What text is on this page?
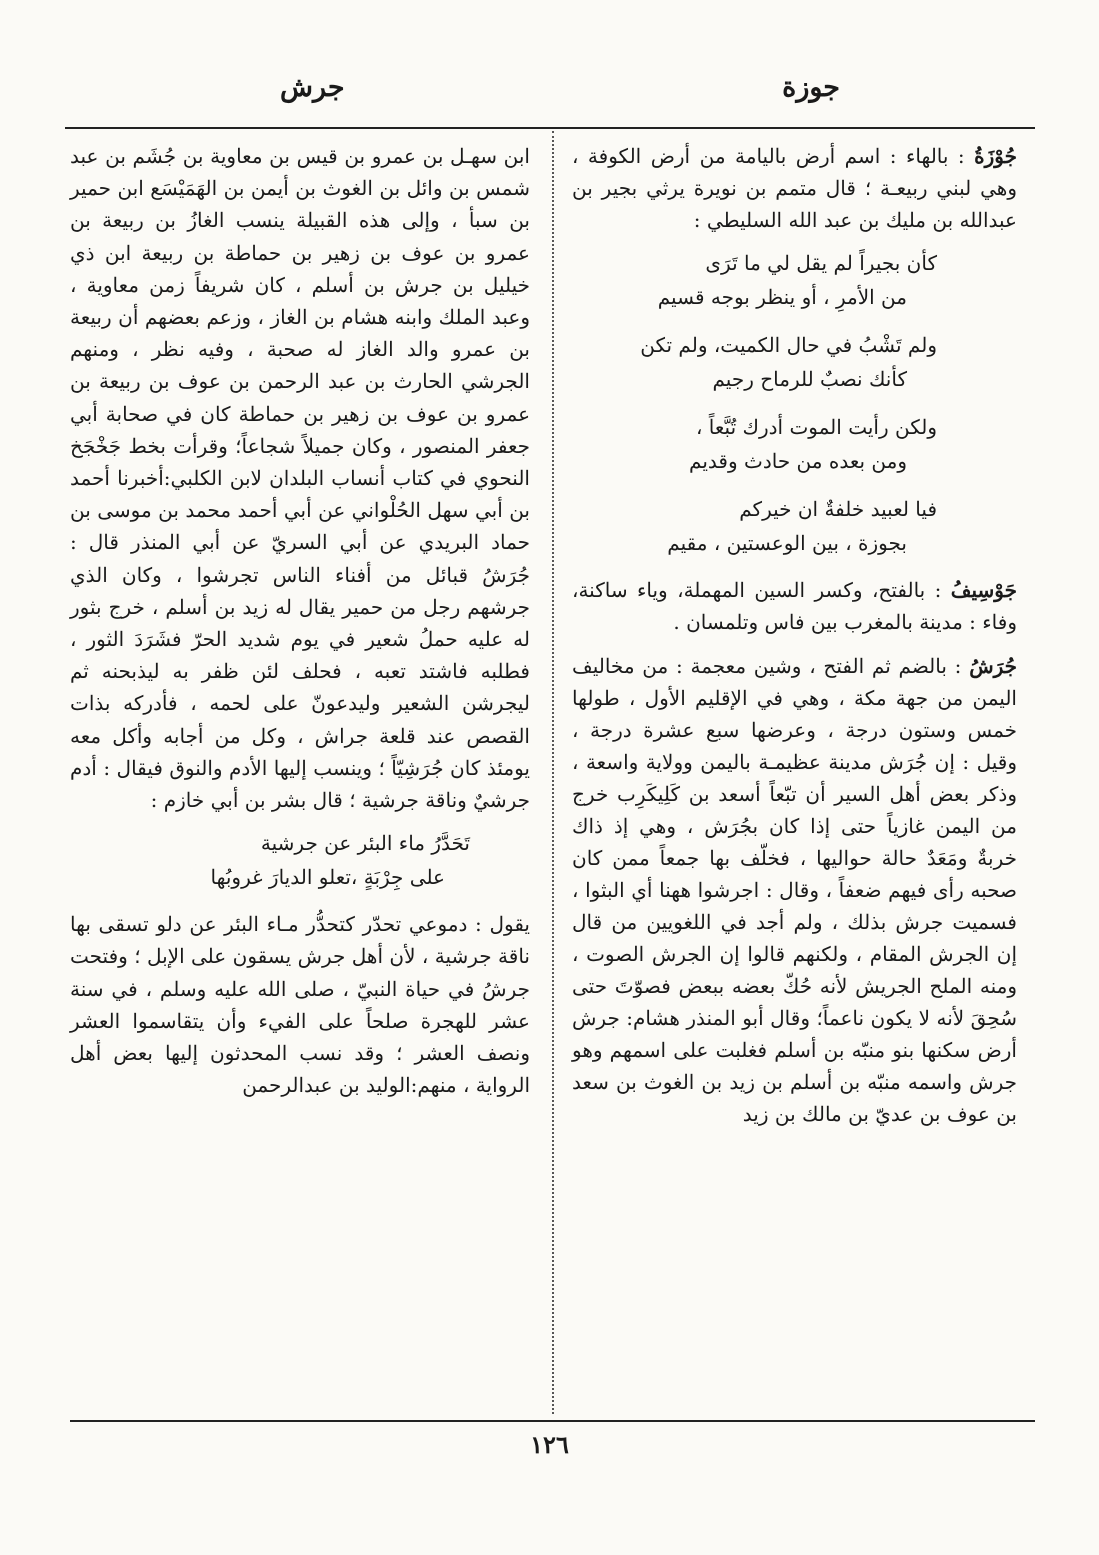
جوزة
جرش

جُوْزَةُ : بالهاء : اسم أرض باليامة من أرض الكوفة ، وهي لبني ربيعـة ؛ قال متمم بن نويرة يرثي بجير بن عبدالله بن مليك بن عبد الله السليطي :

كأن بجيراً لم يقل لي ما تَرَى
من الأمرِ ، أو ينظر بوجه قسيم
ولم تَشْبُ في حال الكميت، ولم تكن
كأنك نصبٌ للرماح رجيم
ولكن رأيت الموت أدرك تُبَّعاً ،
ومن بعده من حادث وقديم
فيا لعبيد خلفةٌ ان خيركم
بجوزة ، بين الوعستين ، مقيم

جَوْسِيفُ : بالفتح، وكسر السين المهملة، وياء ساكنة، وفاء : مدينة بالمغرب بين فاس وتلمسان .

جُرَشُ : بالضم ثم الفتح ، وشين معجمة : من مخاليف اليمن من جهة مكة ، وهي في الإقليم الأول ، طولها خمس وستون درجة ، وعرضها سبع عشرة درجة ، وقيل : إن جُرَش مدينة عظيمـة باليمن وولاية واسعة ، وذكر بعض أهل السير أن تبّعاً أسعد بن كَلِيكَرِب خرج من اليمن غازياً حتى إذا كان بجُرَش ، وهي إذ ذاك خربةٌ ومَعَدٌ حالة حواليها ، فخلّف بها جمعاً ممن كان صحبه رأى فيهم ضعفاً ، وقال : اجرشوا ههنا أي البثوا ، فسميت جرش بذلك ، ولم أجد في اللغويين من قال إن الجرش المقام ، ولكنهم قالوا إن الجرش الصوت ، ومنه الملح الجريش لأنه حُكّ بعضه ببعض فصوّتَ حتى سُحِقَ لأنه لا يكون ناعماً؛ وقال أبو المنذر هشام: جرش أرض سكنها بنو منبّه بن أسلم فغلبت على اسمهم وهو جرش واسمه منبّه بن أسلم بن زيد بن الغوث بن سعد بن عوف بن عديّ بن مالك بن زيد

ابن سهـل بن عمرو بن قيس بن معاوية بن جُشَم بن عبد شمس بن وائل بن الغوث بن أيمن بن الهَمَيْسَع ابن حمير بن سبأ ، وإلى هذه القبيلة ينسب الغازُ بن ربيعة بن عمرو بن عوف بن زهير بن حماطة بن ربيعة ابن ذي خيليل بن جرش بن أسلم ، كان شريفاً زمن معاوية ، وعبد الملك وابنه هشام بن الغاز ، وزعم بعضهم أن ربيعة بن عمرو والد الغاز له صحبة ، وفيه نظر ، ومنهم الجرشي الحارث بن عبد الرحمن بن عوف بن ربيعة بن عمرو بن عوف بن زهير بن حماطة كان في صحابة أبي جعفر المنصور ، وكان جميلاً شجاعاً؛ وقرأت بخط جَخْجَخ النحوي في كتاب أنساب البلدان لابن الكلبي:أخبرنا أحمد بن أبي سهل الحُلْواني عن أبي أحمد محمد بن موسى بن حماد البريدي عن أبي السريّ عن أبي المنذر قال : جُرَشُ قبائل من أفناء الناس تجرشوا ، وكان الذي جرشهم رجل من حمير يقال له زيد بن أسلم ، خرج بثور له عليه حملُ شعير في يوم شديد الحرّ فشَرَدَ الثور ، فطلبه فاشتد تعبه ، فحلف لئن ظفر به ليذبحنه ثم ليجرشن الشعير وليدعونّ على لحمه ، فأدركه بذات القصص عند قلعة جراش ، وكل من أجابه وأكل معه يومئذ كان جُرَشِيّاً ؛ وينسب إليها الأدم والنوق فيقال : أدم جرشيٌ وناقة جرشية ؛ قال بشر بن أبي خازم :

تَحَدَّرُ ماء البئر عن جرشية
على جِرْبَةٍ ،تعلو الديارَ غروبُها

يقول : دموعي تحدّر كتحدُّر مـاء البئر عن دلو تسقى بها ناقة جرشية ، لأن أهل جرش يسقون على الإبل ؛ وفتحت جرشُ في حياة النبيّ ، صلى الله عليه وسلم ، في سنة عشر للهجرة صلحاً على الفيء وأن يتقاسموا العشر ونصف العشر ؛ وقد نسب المحدثون إليها بعض أهل الرواية ، منهم:الوليد بن عبدالرحمن

١٢٦
